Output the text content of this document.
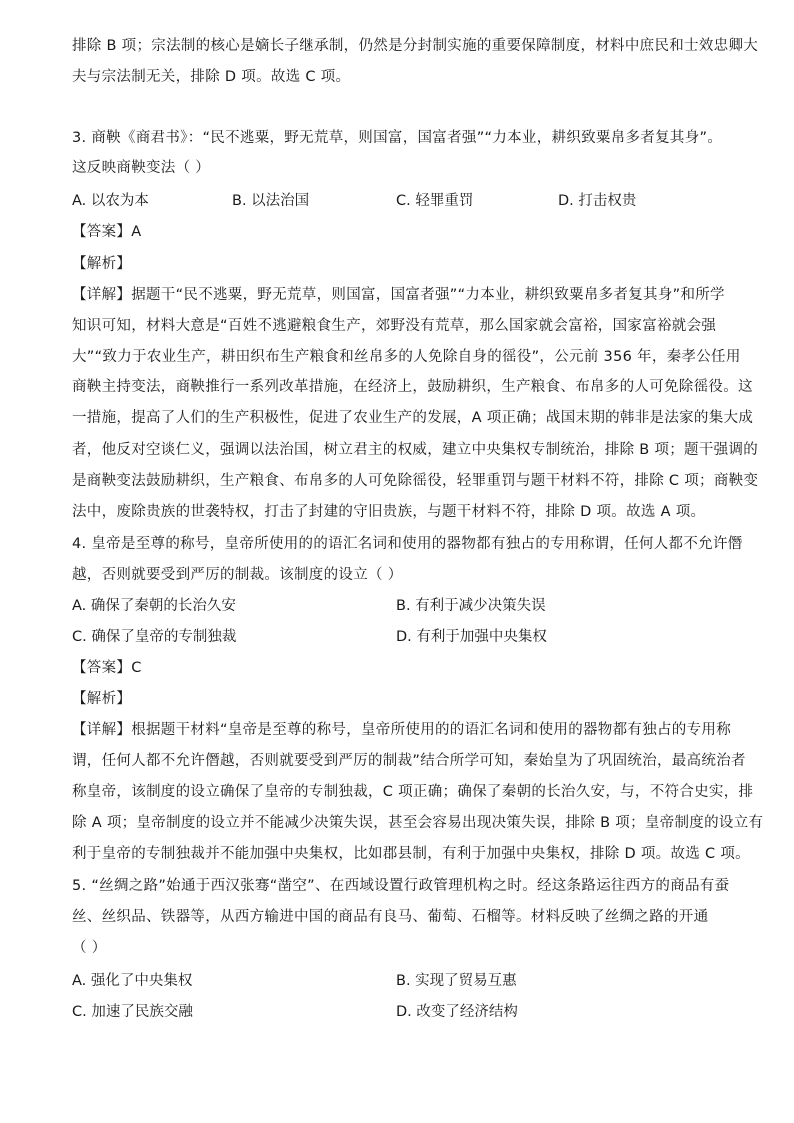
排除 B 项；宗法制的核心是嫡长子继承制，仍然是分封制实施的重要保障制度，材料中庶民和士效忠卿大
夫与宗法制无关，排除 D 项。故选 C 项。
3. 商鞅《商君书》：“民不逃粟，野无荒草，则国富，国富者强”“力本业，耕织致粟帛多者复其身”。
这反映商鞅变法（ ）
A. 以农为本	B. 以法治国	C. 轻罪重罚	D. 打击权贵
【答案】A
【解析】
【详解】据题干“民不逃粟，野无荒草，则国富，国富者强”“力本业，耕织致粟帛多者复其身”和所学
知识可知，材料大意是“百姓不逃避粮食生产，郊野没有荒草，那么国家就会富裕，国家富裕就会强
大”“致力于农业生产，耕田织布生产粮食和丝帛多的人免除自身的徭役”，公元前 356 年，秦孝公任用
商鞅主持变法，商鞅推行一系列改革措施，在经济上，鼓励耕织，生产粮食、布帛多的人可免除徭役。这
一措施，提高了人们的生产积极性，促进了农业生产的发展，A 项正确；战国末期的韩非是法家的集大成
者，他反对空谈仁义，强调以法治国，树立君主的权威，建立中央集权专制统治，排除 B 项；题干强调的
是商鞅变法鼓励耕织，生产粮食、布帛多的人可免除徭役，轻罪重罚与题干材料不符，排除 C 项；商鞅变
法中，废除贵族的世袭特权，打击了封建的守旧贵族，与题干材料不符，排除 D 项。故选 A 项。
4. 皇帝是至尊的称号，皇帝所使用的的语汇名词和使用的器物都有独占的专用称谓，任何人都不允许僭
越，否则就要受到严厉的制裁。该制度的设立（ ）
A. 确保了秦朝的长治久安	B. 有利于减少决策失误
C. 确保了皇帝的专制独裁	D. 有利于加强中央集权
【答案】C
【解析】
【详解】根据题干材料“皇帝是至尊的称号，皇帝所使用的的语汇名词和使用的器物都有独占的专用称
谓，任何人都不允许僭越，否则就要受到严厉的制裁”结合所学可知，秦始皇为了巩固统治，最高统治者
称皇帝，该制度的设立确保了皇帝的专制独裁，C 项正确；确保了秦朝的长治久安，与，不符合史实，排
除 A 项；皇帝制度的设立并不能减少决策失误，甚至会容易出现决策失误，排除 B 项；皇帝制度的设立有
利于皇帝的专制独裁并不能加强中央集权，比如郡县制，有利于加强中央集权，排除 D 项。故选 C 项。
5. “丝绸之路”始通于西汉张骞“凿空”、在西域设置行政管理机构之时。经这条路运往西方的商品有蚕
丝、丝织品、铁器等，从西方输进中国的商品有良马、葡萄、石榴等。材料反映了丝绸之路的开通
（ ）
A. 强化了中央集权	B. 实现了贸易互惠
C. 加速了民族交融	D. 改变了经济结构
